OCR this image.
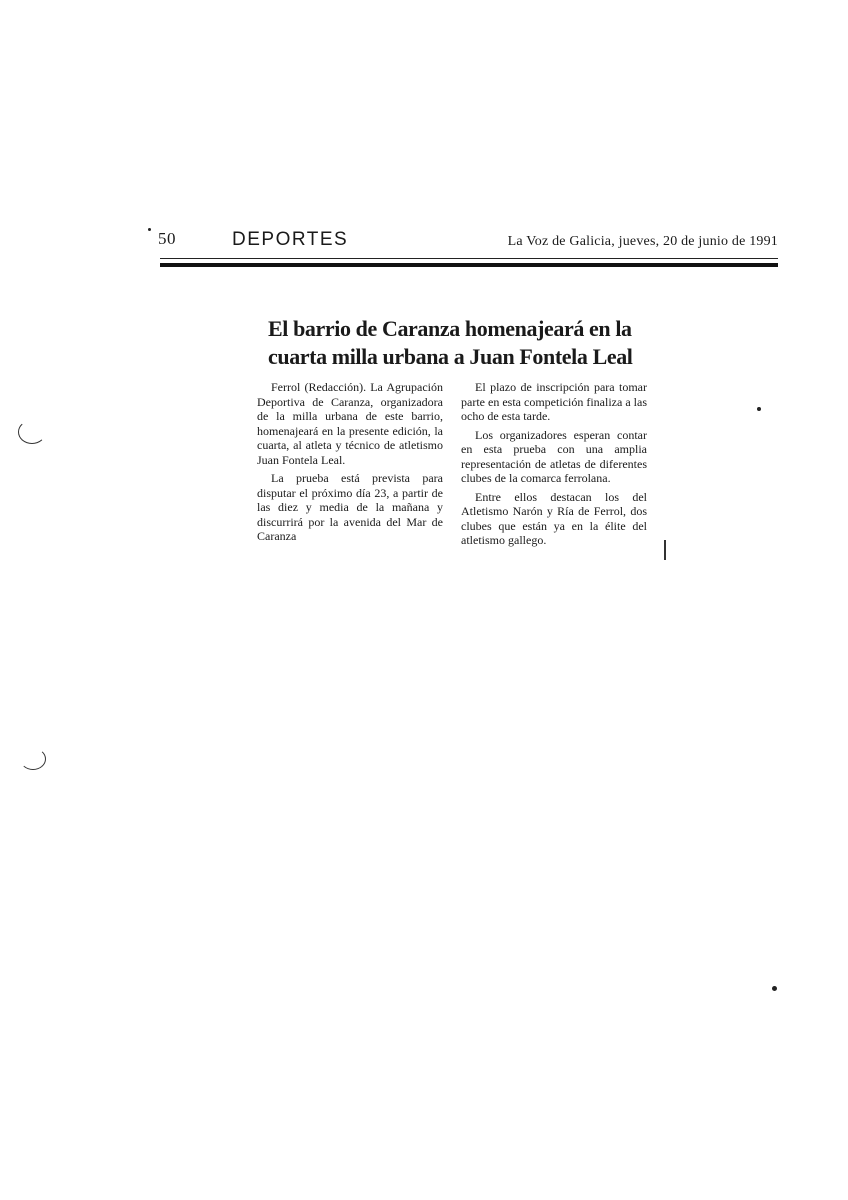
50	DEPORTES	La Voz de Galicia, jueves, 20 de junio de 1991
El barrio de Caranza homenajeará en la
cuarta milla urbana a Juan Fontela Leal

Ferrol (Redacción). La Agrupación Deportiva de Caranza, organizadora de la milla urbana de este barrio, homenajeará en la presente edición, la cuarta, al atleta y técnico de atletismo Juan Fontela Leal.

La prueba está prevista para disputar el próximo día 23, a partir de las diez y media de la mañana y discurrirá por la avenida del Mar de Caranza

El plazo de inscripción para tomar parte en esta competición finaliza a las ocho de esta tarde.

Los organizadores esperan contar en esta prueba con una amplia representación de atletas de diferentes clubes de la comarca ferrolana.

Entre ellos destacan los del Atletismo Narón y Ría de Ferrol, dos clubes que están ya en la élite del atletismo gallego.
